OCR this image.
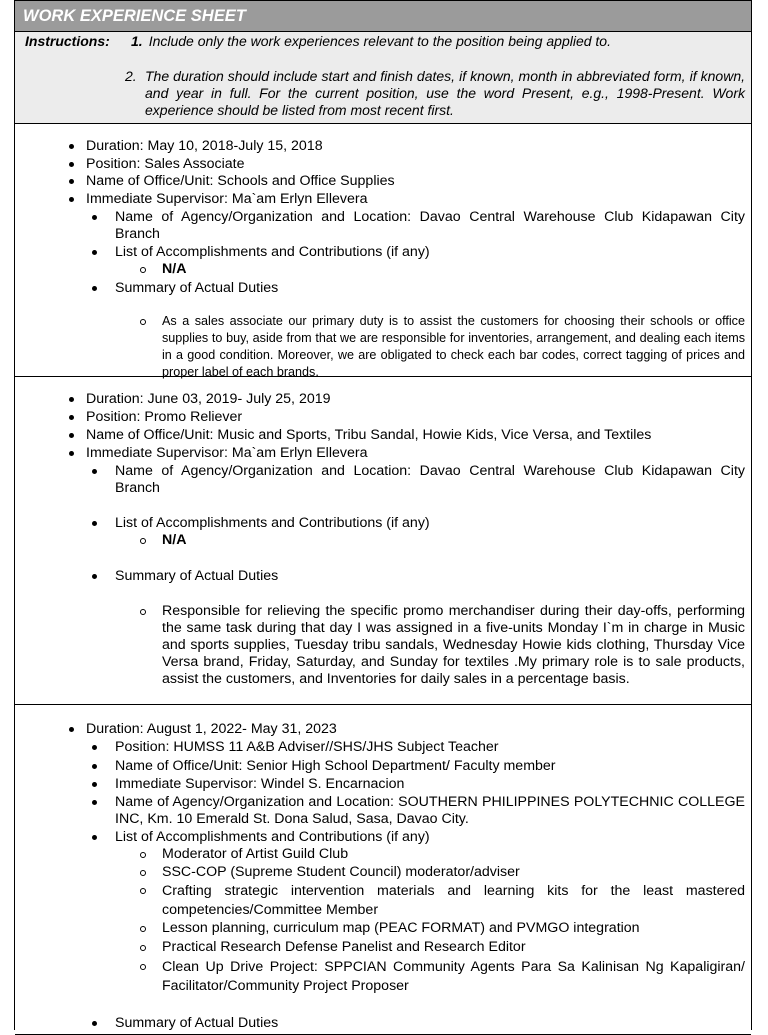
WORK EXPERIENCE SHEET
Instructions: 1. Include only the work experiences relevant to the position being applied to.
2. The duration should include start and finish dates, if known, month in abbreviated form, if known, and year in full. For the current position, use the word Present, e.g., 1998-Present. Work experience should be listed from most recent first.
Duration: May 10, 2018-July 15, 2018
Position: Sales Associate
Name of Office/Unit: Schools and Office Supplies
Immediate Supervisor: Ma`am Erlyn Ellevera
Name of Agency/Organization and Location: Davao Central Warehouse Club Kidapawan City Branch
List of Accomplishments and Contributions (if any)
N/A
Summary of Actual Duties
As a sales associate our primary duty is to assist the customers for choosing their schools or office supplies to buy, aside from that we are responsible for inventories, arrangement, and dealing each items in a good condition. Moreover, we are obligated to check each bar codes, correct tagging of prices and proper label of each brands.
Duration: June 03, 2019- July 25, 2019
Position: Promo Reliever
Name of Office/Unit: Music and Sports, Tribu Sandal, Howie Kids, Vice Versa, and Textiles
Immediate Supervisor: Ma`am Erlyn Ellevera
Name of Agency/Organization and Location: Davao Central Warehouse Club Kidapawan City Branch
List of Accomplishments and Contributions (if any)
N/A
Summary of Actual Duties
Responsible for relieving the specific promo merchandiser during their day-offs, performing the same task during that day I was assigned in a five-units Monday I`m in charge in Music and sports supplies, Tuesday tribu sandals, Wednesday Howie kids clothing, Thursday Vice Versa brand, Friday, Saturday, and Sunday for textiles .My primary role is to sale products, assist the customers, and Inventories for daily sales in a percentage basis.
Duration: August 1, 2022- May 31, 2023
Position: HUMSS 11 A&B Adviser//SHS/JHS Subject Teacher
Name of Office/Unit: Senior High School Department/ Faculty member
Immediate Supervisor: Windel S. Encarnacion
Name of Agency/Organization and Location: SOUTHERN PHILIPPINES POLYTECHNIC COLLEGE INC, Km. 10 Emerald St. Dona Salud, Sasa, Davao City.
List of Accomplishments and Contributions (if any)
Moderator of Artist Guild Club
SSC-COP (Supreme Student Council) moderator/adviser
Crafting strategic intervention materials and learning kits for the least mastered competencies/Committee Member
Lesson planning, curriculum map (PEAC FORMAT) and PVMGO integration
Practical Research Defense Panelist and Research Editor
Clean Up Drive Project: SPPCIAN Community Agents Para Sa Kalinisan Ng Kapaligiran/ Facilitator/Community Project Proposer
Summary of Actual Duties
